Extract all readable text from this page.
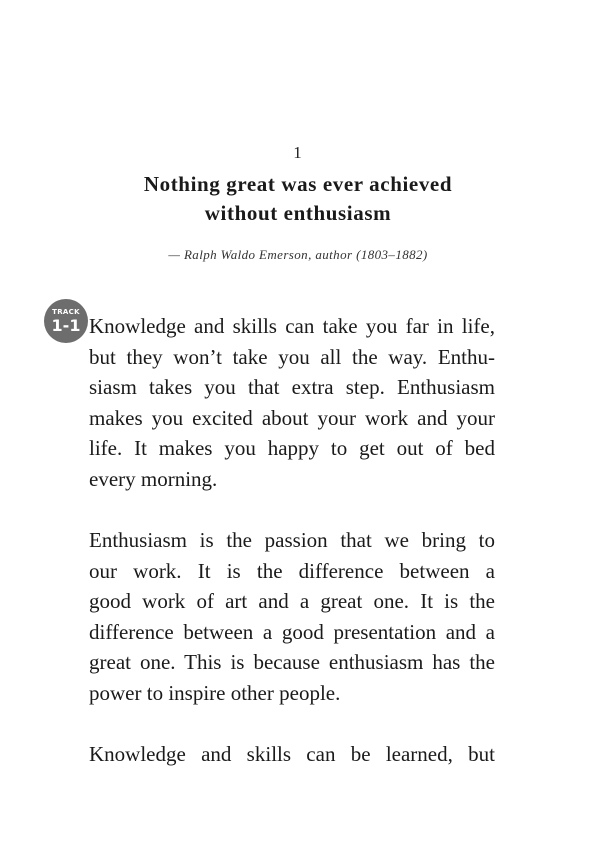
1
Nothing great was ever achieved
without enthusiasm
— Ralph Waldo Emerson, author (1803–1882)
TRACK
1-1 Knowledge and skills can take you far in life,
but they won’t take you all the way. Enthu-
siasm takes you that extra step. Enthusiasm
makes you excited about your work and your
life. It makes you happy to get out of bed
every morning.
Enthusiasm is the passion that we bring to
our work. It is the difference between a
good work of art and a great one. It is the
difference between a good presentation and a
great one. This is because enthusiasm has the
power to inspire other people.
Knowledge and skills can be learned, but
